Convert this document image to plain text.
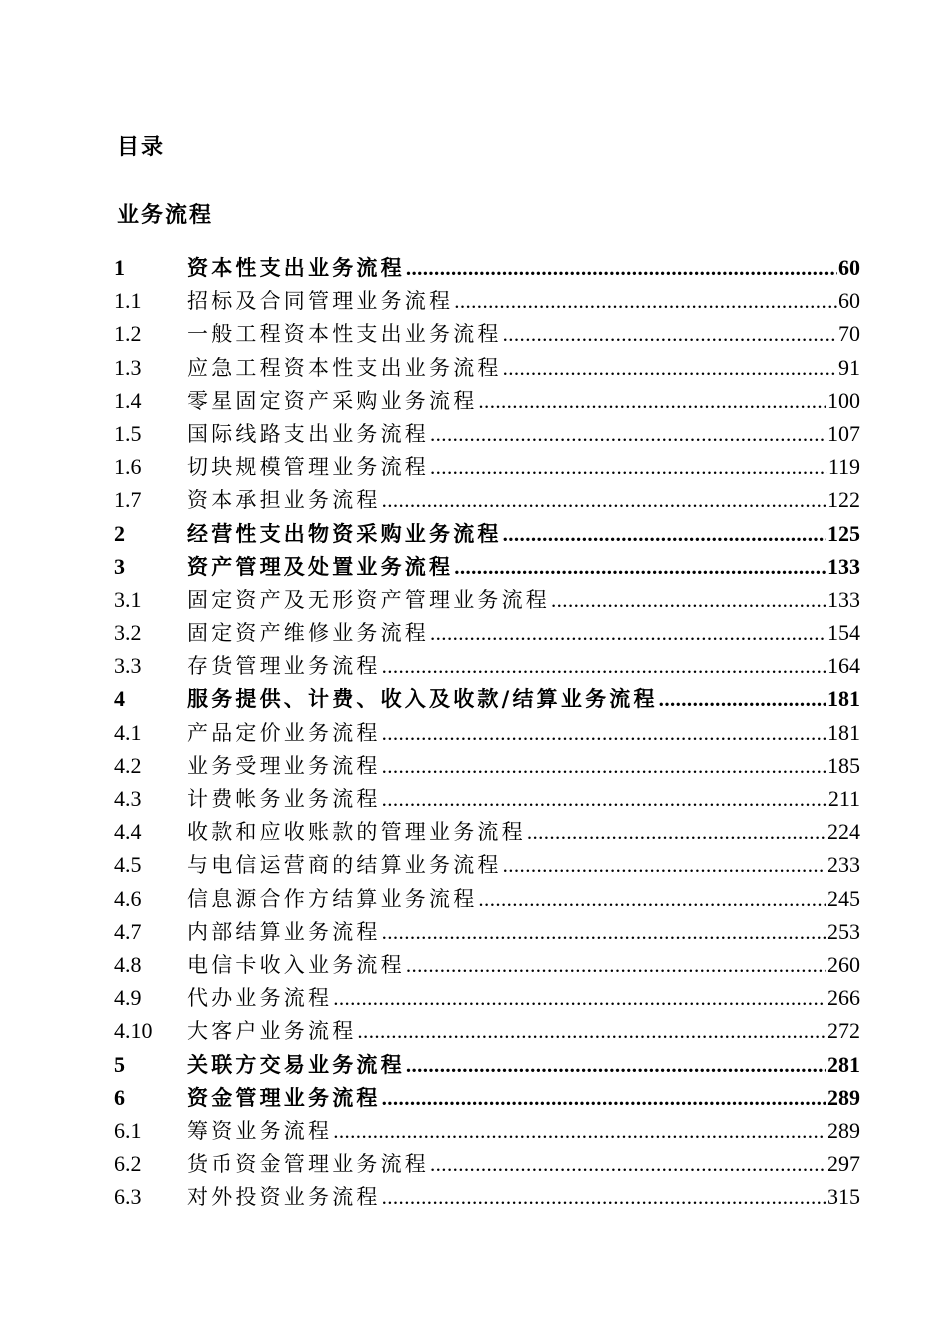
目录
业务流程
1	资本性支出业务流程 .....	60
1.1	招标及合同管理业务流程 .....	60
1.2	一般工程资本性支出业务流程 .....	70
1.3	应急工程资本性支出业务流程 .....	91
1.4	零星固定资产采购业务流程 .....	100
1.5	国际线路支出业务流程 .....	107
1.6	切块规模管理业务流程 .....	119
1.7	资本承担业务流程 .....	122
2	经营性支出物资采购业务流程 .....	125
3	资产管理及处置业务流程 .....	133
3.1	固定资产及无形资产管理业务流程 .....	133
3.2	固定资产维修业务流程 .....	154
3.3	存货管理业务流程 .....	164
4	服务提供、计费、收入及收款/结算业务流程 .....	181
4.1	产品定价业务流程 .....	181
4.2	业务受理业务流程 .....	185
4.3	计费帐务业务流程 .....	211
4.4	收款和应收账款的管理业务流程 .....	224
4.5	与电信运营商的结算业务流程 .....	233
4.6	信息源合作方结算业务流程 .....	245
4.7	内部结算业务流程 .....	253
4.8	电信卡收入业务流程 .....	260
4.9	代办业务流程 .....	266
4.10	大客户业务流程 .....	272
5	关联方交易业务流程 .....	281
6	资金管理业务流程 .....	289
6.1	筹资业务流程 .....	289
6.2	货币资金管理业务流程 .....	297
6.3	对外投资业务流程 .....	315
